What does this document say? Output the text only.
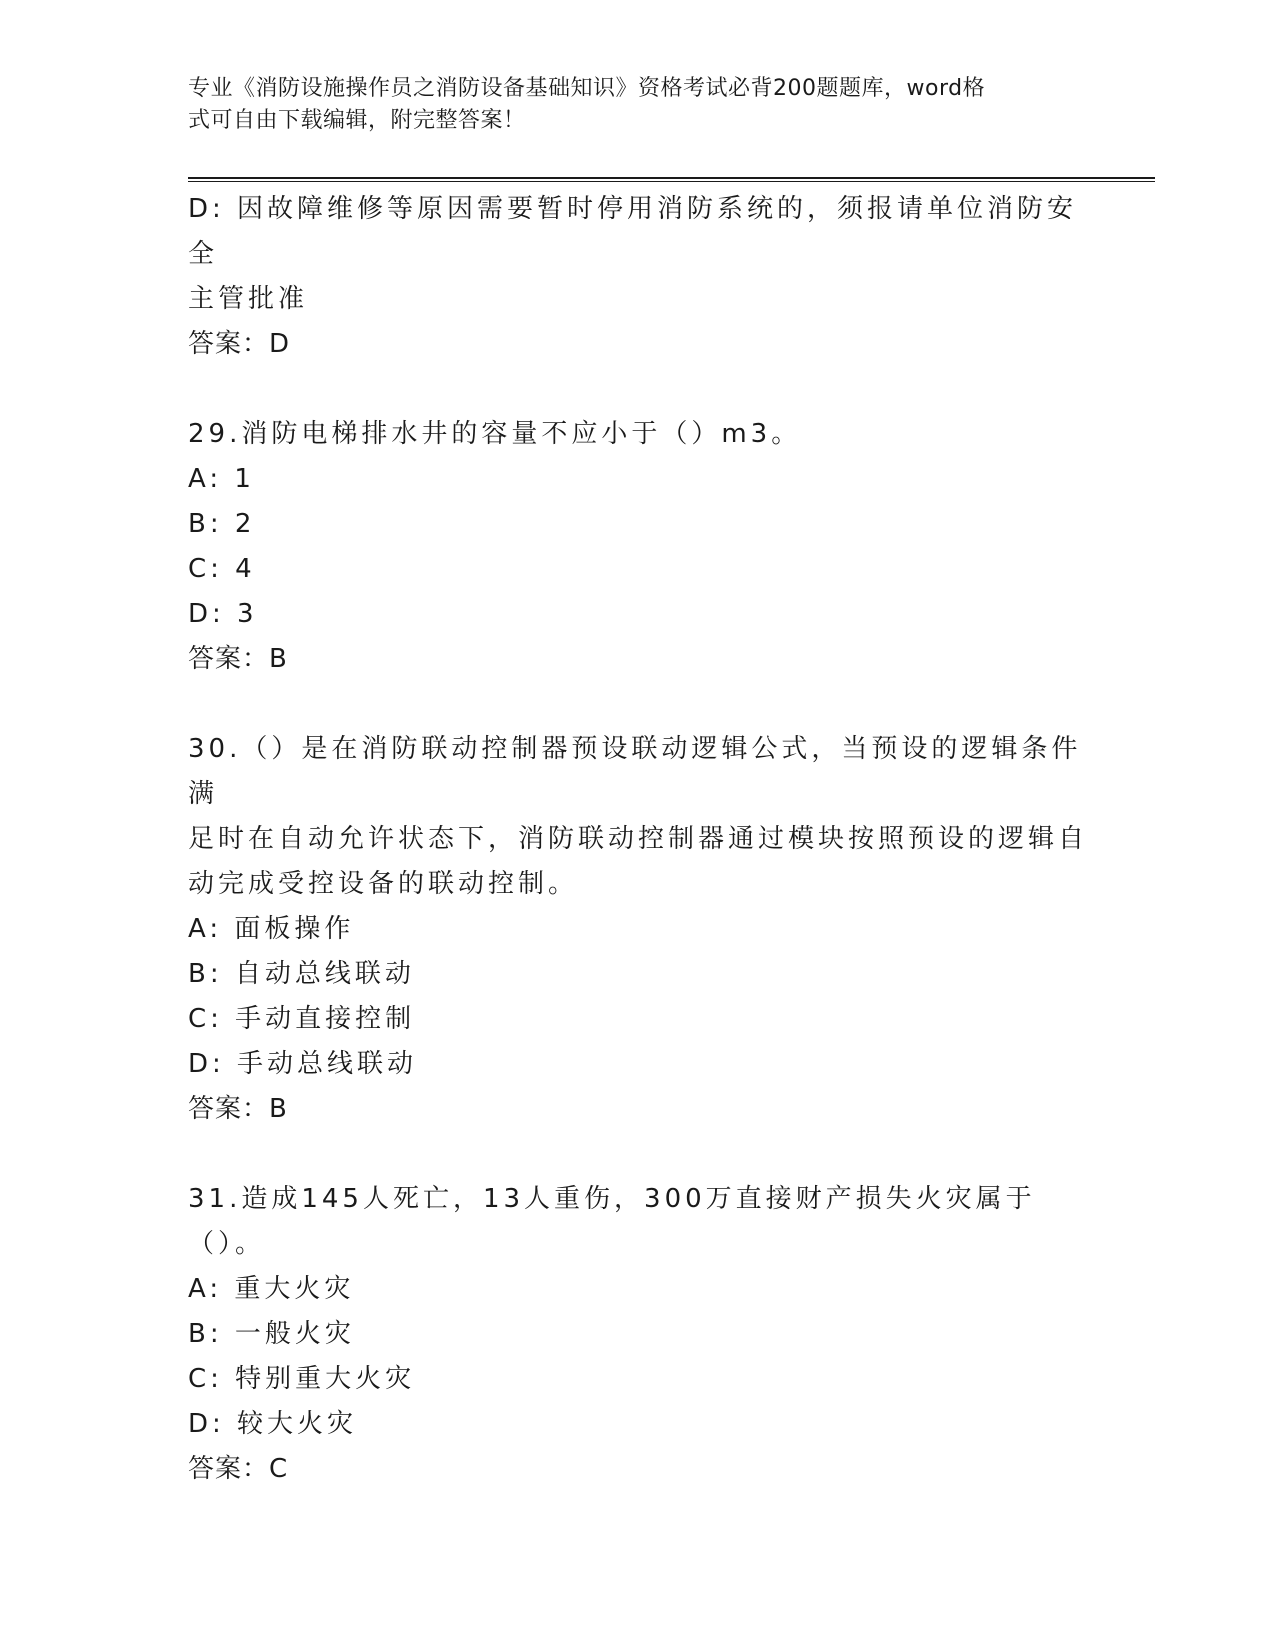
专业《消防设施操作员之消防设备基础知识》资格考试必背200题题库，word格
式可自由下载编辑，附完整答案！

D: 因故障维修等原因需要暂时停用消防系统的，须报请单位消防安全

主管批准

答案：D

29.消防电梯排水井的容量不应小于（）m3。

A: 1

B: 2

C: 4

D: 3

答案：B

30.（）是在消防联动控制器预设联动逻辑公式，当预设的逻辑条件满

足时在自动允许状态下，消防联动控制器通过模块按照预设的逻辑自

动完成受控设备的联动控制。

A: 面板操作

B: 自动总线联动

C: 手动直接控制

D: 手动总线联动

答案：B

31.造成145人死亡，13人重伤，300万直接财产损失火灾属于（）。

A: 重大火灾

B: 一般火灾

C: 特别重大火灾

D: 较大火灾

答案：C
